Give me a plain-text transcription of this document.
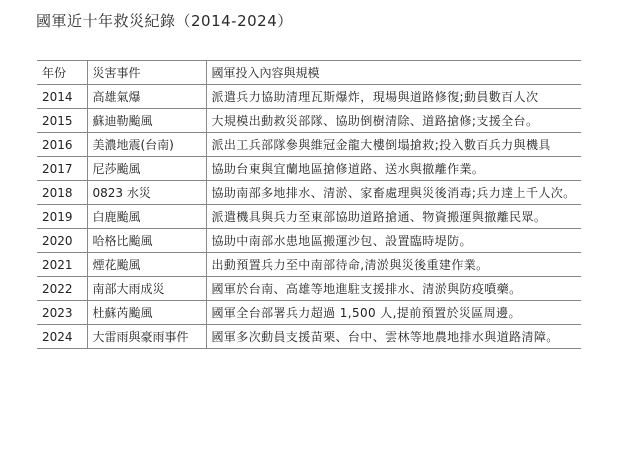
國軍近十年救災紀錄（2014-2024）
年份	災害事件	國軍投入內容與規模
2014	高雄氣爆	派遣兵力協助清理瓦斯爆炸，現場與道路修復;動員數百人次
2015	蘇迪勒颱風	大規模出動救災部隊、協助倒樹清除、道路搶修;支援全台。
2016	美濃地震(台南)	派出工兵部隊參與維冠金龍大樓倒塌搶救;投入數百兵力與機具
2017	尼莎颱風	協助台東與宜蘭地區搶修道路、送水與撤離作業。
2018	0823 水災	協助南部多地排水、清淤、家畜處理與災後消毒;兵力達上千人次。
2019	白鹿颱風	派遣機具與兵力至東部協助道路搶通、物資搬運與撤離民眾。
2020	哈格比颱風	協助中南部水患地區搬運沙包、設置臨時堤防。
2021	煙花颱風	出動預置兵力至中南部待命,清淤與災後重建作業。
2022	南部大雨成災	國軍於台南、高雄等地進駐支援排水、清淤與防疫噴藥。
2023	杜蘇芮颱風	國軍全台部署兵力超過 1,500 人,提前預置於災區周邊。
2024	大雷雨與豪雨事件	國軍多次動員支援苗栗、台中、雲林等地農地排水與道路清障。
